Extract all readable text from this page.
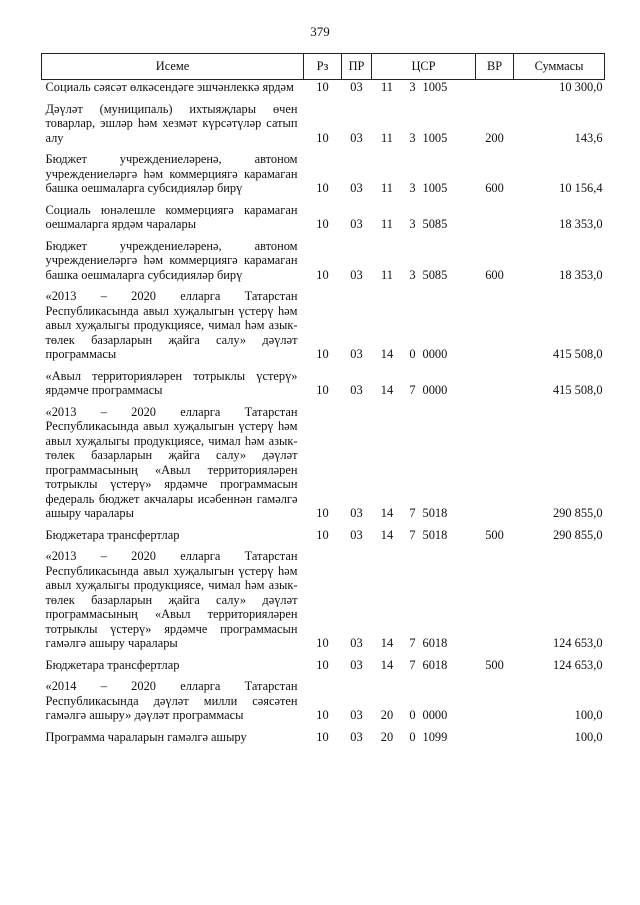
379
Исеме	Рз	ПР	ЦСР			ВР	Суммасы
Социаль сәясәт өлкәсендәге эшчәнлеккә ярдәм	10	03	11	3	1005		10 300,0
Дәүләт (муниципаль) ихтыяҗлары өчен товарлар, эшләр һәм хезмәт күрсәтүләр сатып алу	10	03	11	3	1005	200	143,6
Бюджет учреждениеләренә, автоном учреждениеләргә һәм коммерциягә карамаган башка оешмаларга субсидияләр бирү	10	03	11	3	1005	600	10 156,4
Социаль юнәлешле коммерциягә карамаган оешмаларга ярдәм чаралары	10	03	11	3	5085		18 353,0
Бюджет учреждениеләренә, автоном учреждениеләргә һәм коммерциягә карамаган башка оешмаларга субсидияләр бирү	10	03	11	3	5085	600	18 353,0
«2013 – 2020 елларга Татарстан Республикасында авыл хуҗалыгын үстерү һәм авыл хуҗалыгы продукциясе, чимал һәм азык-төлек базарларын җайга салу» дәүләт программасы	10	03	14	0	0000		415 508,0
«Авыл территорияләрен тотрыклы үстерү» ярдәмче программасы	10	03	14	7	0000		415 508,0
«2013 – 2020 елларга Татарстан Республикасында авыл хуҗалыгын үстерү һәм авыл хуҗалыгы продукциясе, чимал һәм азык-төлек базарларын җайга салу» дәүләт программасының «Авыл территорияләрен тотрыклы үстерү» ярдәмче программасын федераль бюджет акчалары исәбеннән гамәлгә ашыру чаралары	10	03	14	7	5018		290 855,0
Бюджетара трансфертлар	10	03	14	7	5018	500	290 855,0
«2013 – 2020 елларга Татарстан Республикасында авыл хуҗалыгын үстерү һәм авыл хуҗалыгы продукциясе, чимал һәм азык-төлек базарларын җайга салу» дәүләт программасының «Авыл территорияләрен тотрыклы үстерү» ярдәмче программасын гамәлгә ашыру чаралары	10	03	14	7	6018		124 653,0
Бюджетара трансфертлар	10	03	14	7	6018	500	124 653,0
«2014 – 2020 елларга Татарстан Республикасында дәүләт милли сәясәтен гамәлгә ашыру» дәүләт программасы	10	03	20	0	0000		100,0
Программа чараларын гамәлгә ашыру	10	03	20	0	1099		100,0
